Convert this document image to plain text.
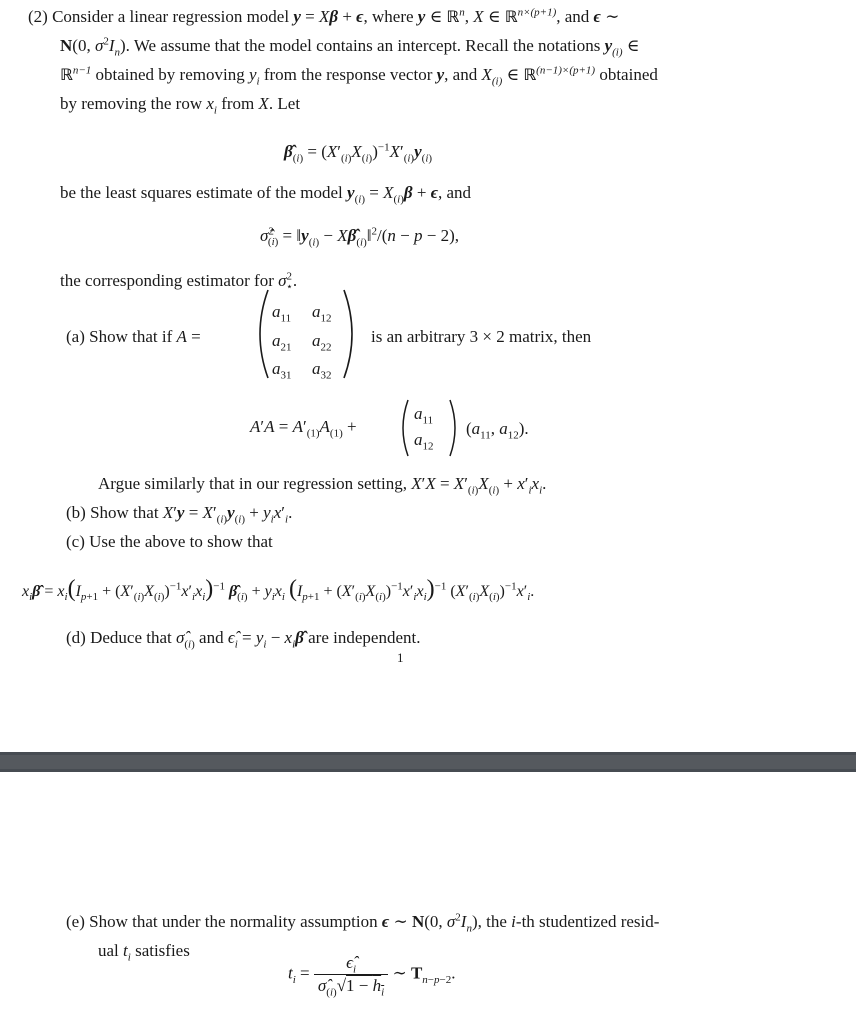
(2) Consider a linear regression model y = Xβ + ϵ, where y ∈ ℝ$^n$, X ∈ ℝ$^{n\times(p+1)}$, and ϵ ∼
N(0, $\sigma^2I_n$). We assume that the model contains an intercept. Recall the notations $y_{(i)}$ ∈
ℝ$^{n-1}$ obtained by removing $y_i$ from the response vector y, and $X_{(i)}$ ∈ ℝ$^{(n-1)\times(p+1)}$ obtained
by removing the row $x_i$ from X. Let
$\betâ_{(i)} = (X'_{(i)}X_{(i)})^{-1}X'_{(i)}y_{(i)}$
be the least squares estimate of the model $y_{(i)} = X_{(i)}\beta + \epsilon$, and
σ̂$^2_{(i)}$ = $‖y_{(i)}$ − $X\betâ_{(i)}‖^2/(n - p - 2)$,
the corresponding estimator for $\sigma^2_⋆$.
(a) Show that if A =
$a_{11}$ $a_{12}$
$a_{21}$ $a_{22}$
$a_{31}$ $a_{32}$
is an arbitrary 3 × 2 matrix, then
$A'A = A'_{(1)}A_{(1)}$ +
$a_{11}$
$a_{12}$
($a_{11}$, $a_{12}$).
Argue similarly that in our regression setting, $X'X = X'_{(i)}X_{(i)} + x'_ix_i$.
(b) Show that $X'y = X'_{(i)}y_{(i)} + y_ix'_i$.
(c) Use the above to show that
$x_i\betâ = x_i(I_{p+1} + (X'_{(i)}X_{(i)})^{-1}x'_ix_i)^{-1}$ $\betâ_{(i)} + y_ix_i$ $(I_{p+1} + (X'_{(i)}X_{(i)})^{-1}x'_ix_i)^{-1}$ $(X'_{(i)}X_{(i)})^{-1}x'_i$.
(d) Deduce that $\sigmâ_{(i)}$ and $\epsilon̂_i = y_i$ − $x_i\betâ$ are independent.
1
(e) Show that under the normality assumption ϵ ∼ N(0, $\sigma^2I_n$), the i-th studentized resid-
ual $t_i$ satisfies
$t_i = \frac{\epsilon̂_i}{\sigmâ_{(i)}√1 - h_i}$ ∼ $T_{n-p-2}$.
